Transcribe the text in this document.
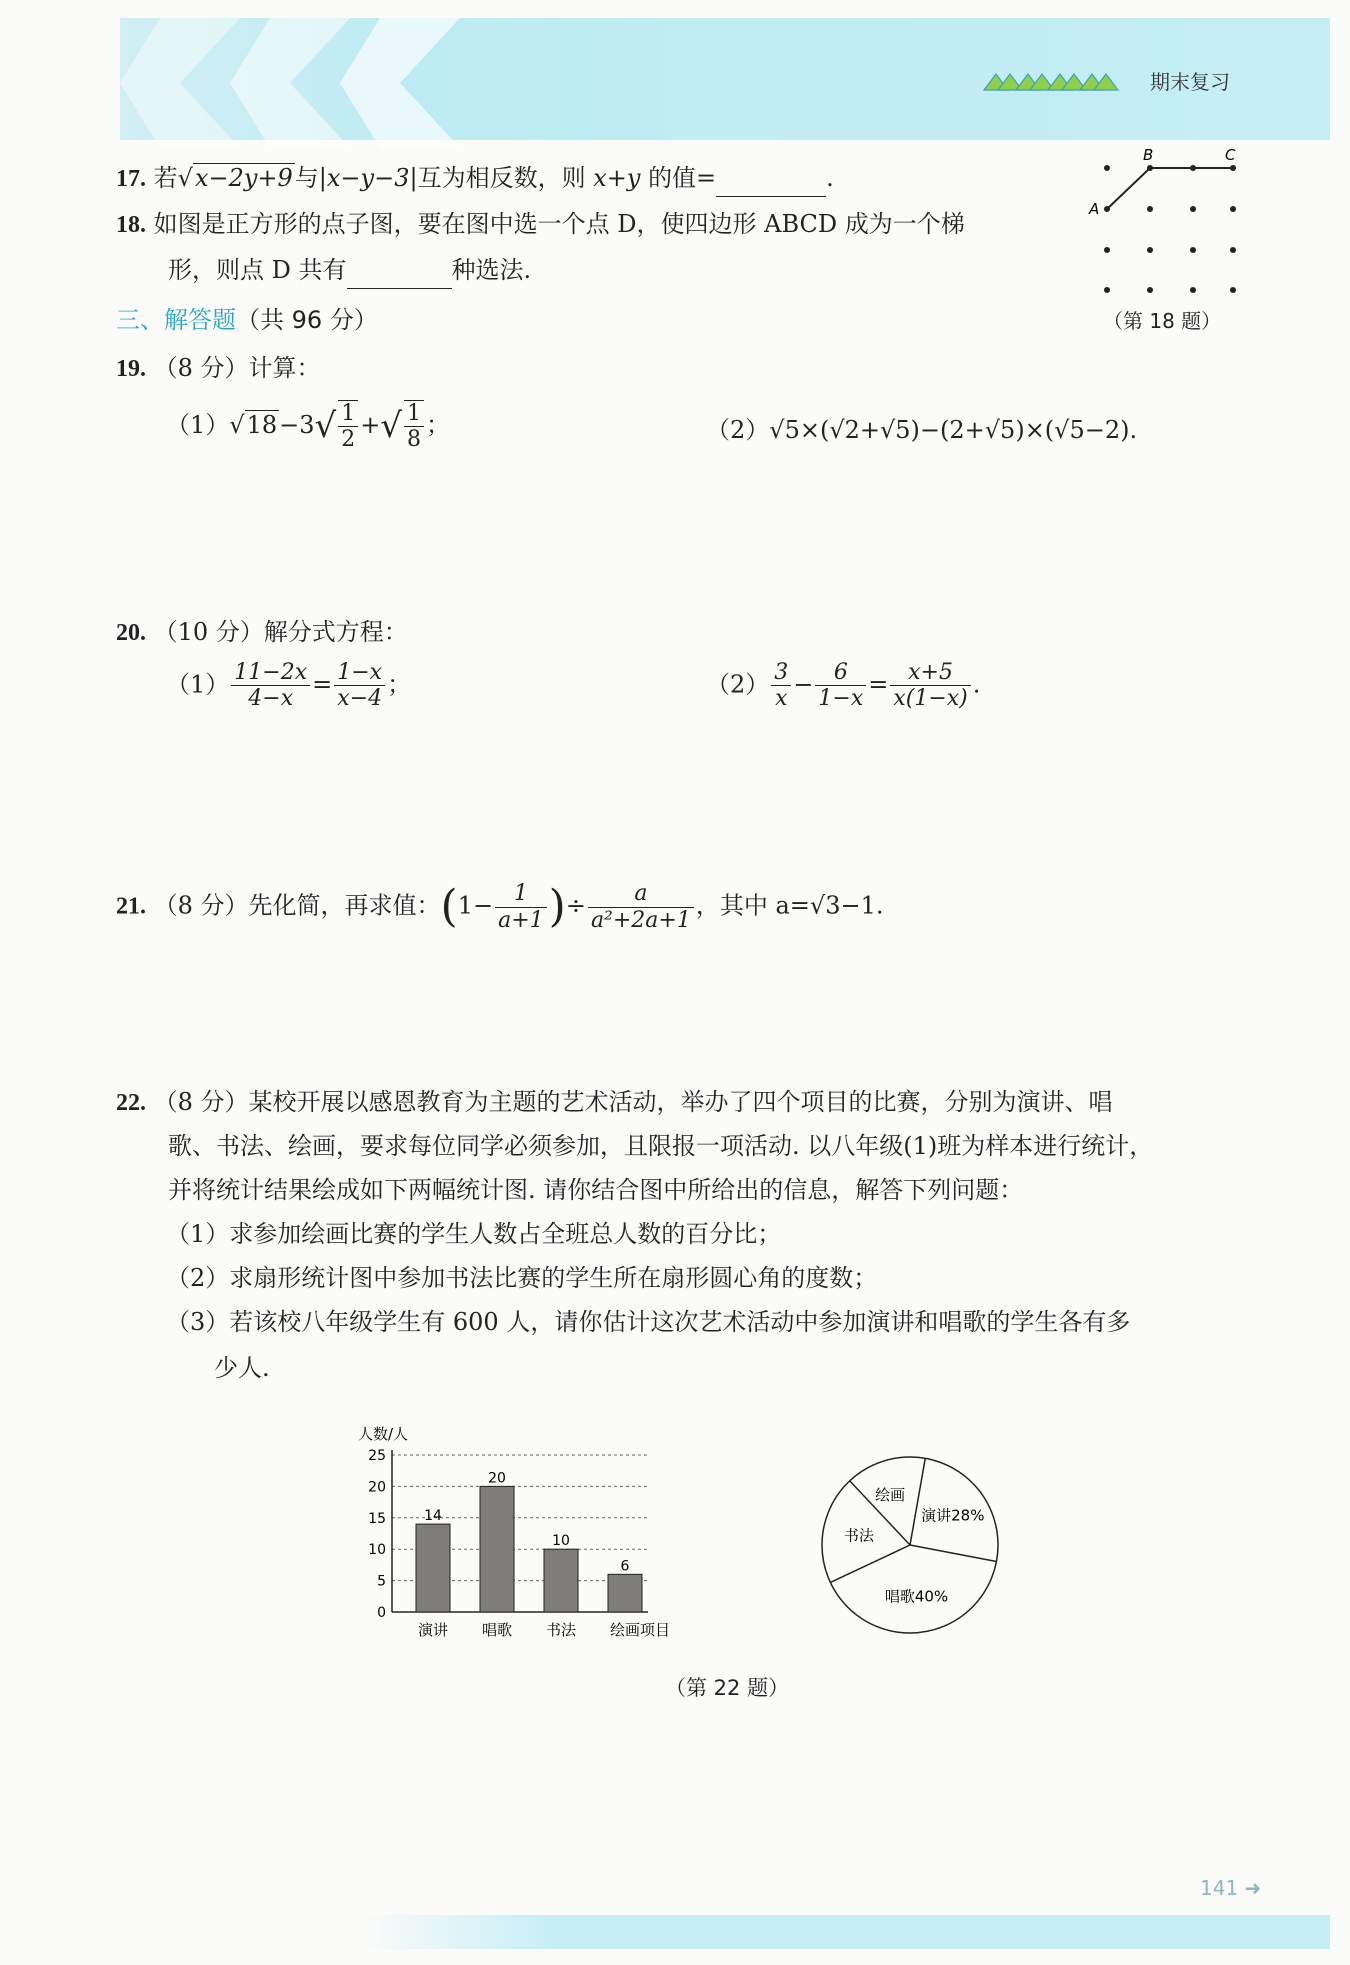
期末复习
17. 若√x−2y+9与|x−y−3|互为相反数，则 x+y 的值=	.
18. 如图是正方形的点子图，要在图中选一个点 D，使四边形 ABCD 成为一个梯
形，则点 D 共有	种选法.
A
B	C
（第 18 题）
三、解答题（共 96 分）
19. （8 分）计算：
$(1)√18-3√ \frac{1}{2}$ +√ $\frac{1}{8}$ ；	（2）√5×(√2+√5)−(2+√5)×(√5−2).
20. （10 分）解分式方程：
$(1) \frac{11-2x}{4-x} = \frac{1-x}{x-4}$ ；	$(2) \frac{3}{x} - \frac{6}{1-x} = \frac{x+5}{x(1-x)}$ .
21. （8 分）先化简，再求值：($1- \frac{1}{a+1}$ )÷ $\frac{a}{\text{a²+2a+1}}$ ，其中 a=√3−1.
22. （8 分）某校开展以感恩教育为主题的艺术活动，举办了四个项目的比赛，分别为演讲、唱
歌、书法、绘画，要求每位同学必须参加，且限报一项活动. 以八年级(1)班为样本进行统计，
并将统计结果绘成如下两幅统计图. 请你结合图中所给出的信息，解答下列问题：
（1）求参加绘画比赛的学生人数占全班总人数的百分比；
（2）求扇形统计图中参加书法比赛的学生所在扇形圆心角的度数；
（3）若该校八年级学生有 600 人，请你估计这次艺术活动中参加演讲和唱歌的学生各有多
少人.
人数/人
0
5
10
15
20
25
14
演讲
20
唱歌
10
书法
6
绘画 项目
演讲28%
唱歌40%
书法
绘画
（第 22 题）
141 ➜
